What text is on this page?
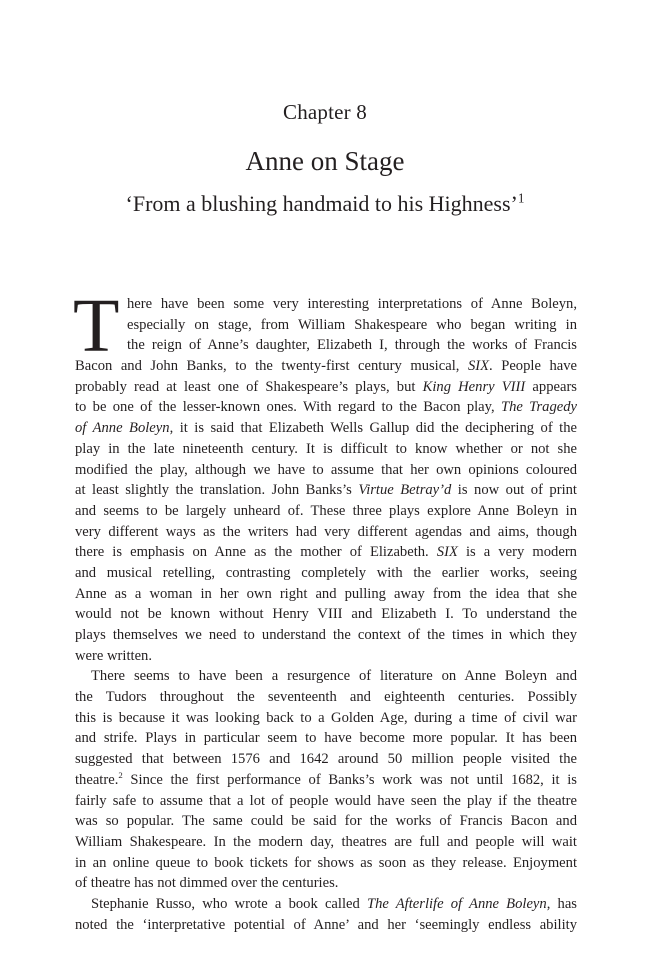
Chapter 8
Anne on Stage
‘From a blushing handmaid to his Highness’$^1$
T here have been some very interesting interpretations of Anne Boleyn,
especially on stage, from William Shakespeare who began writing in
the reign of Anne’s daughter, Elizabeth I, through the works of Francis
Bacon and John Banks, to the twenty-first century musical, SIX. People have
probably read at least one of Shakespeare’s plays, but King Henry VIII appears
to be one of the lesser-known ones. With regard to the Bacon play, The Tragedy
of Anne Boleyn, it is said that Elizabeth Wells Gallup did the deciphering of the
play in the late nineteenth century. It is difficult to know whether or not she
modified the play, although we have to assume that her own opinions coloured
at least slightly the translation. John Banks’s Virtue Betray’d is now out of print
and seems to be largely unheard of. These three plays explore Anne Boleyn in
very different ways as the writers had very different agendas and aims, though
there is emphasis on Anne as the mother of Elizabeth. SIX is a very modern
and musical retelling, contrasting completely with the earlier works, seeing
Anne as a woman in her own right and pulling away from the idea that she
would not be known without Henry VIII and Elizabeth I. To understand the
plays themselves we need to understand the context of the times in which they
were written.
There seems to have been a resurgence of literature on Anne Boleyn and
the Tudors throughout the seventeenth and eighteenth centuries. Possibly
this is because it was looking back to a Golden Age, during a time of civil war
and strife. Plays in particular seem to have become more popular. It has been
suggested that between 1576 and 1642 around 50 million people visited the
theatre.$^2$ Since the first performance of Banks’s work was not until 1682, it is
fairly safe to assume that a lot of people would have seen the play if the theatre
was so popular. The same could be said for the works of Francis Bacon and
William Shakespeare. In the modern day, theatres are full and people will wait
in an online queue to book tickets for shows as soon as they release. Enjoyment
of theatre has not dimmed over the centuries.
Stephanie Russo, who wrote a book called The Afterlife of Anne Boleyn, has
noted the ‘interpretative potential of Anne’ and her ‘seemingly endless ability
